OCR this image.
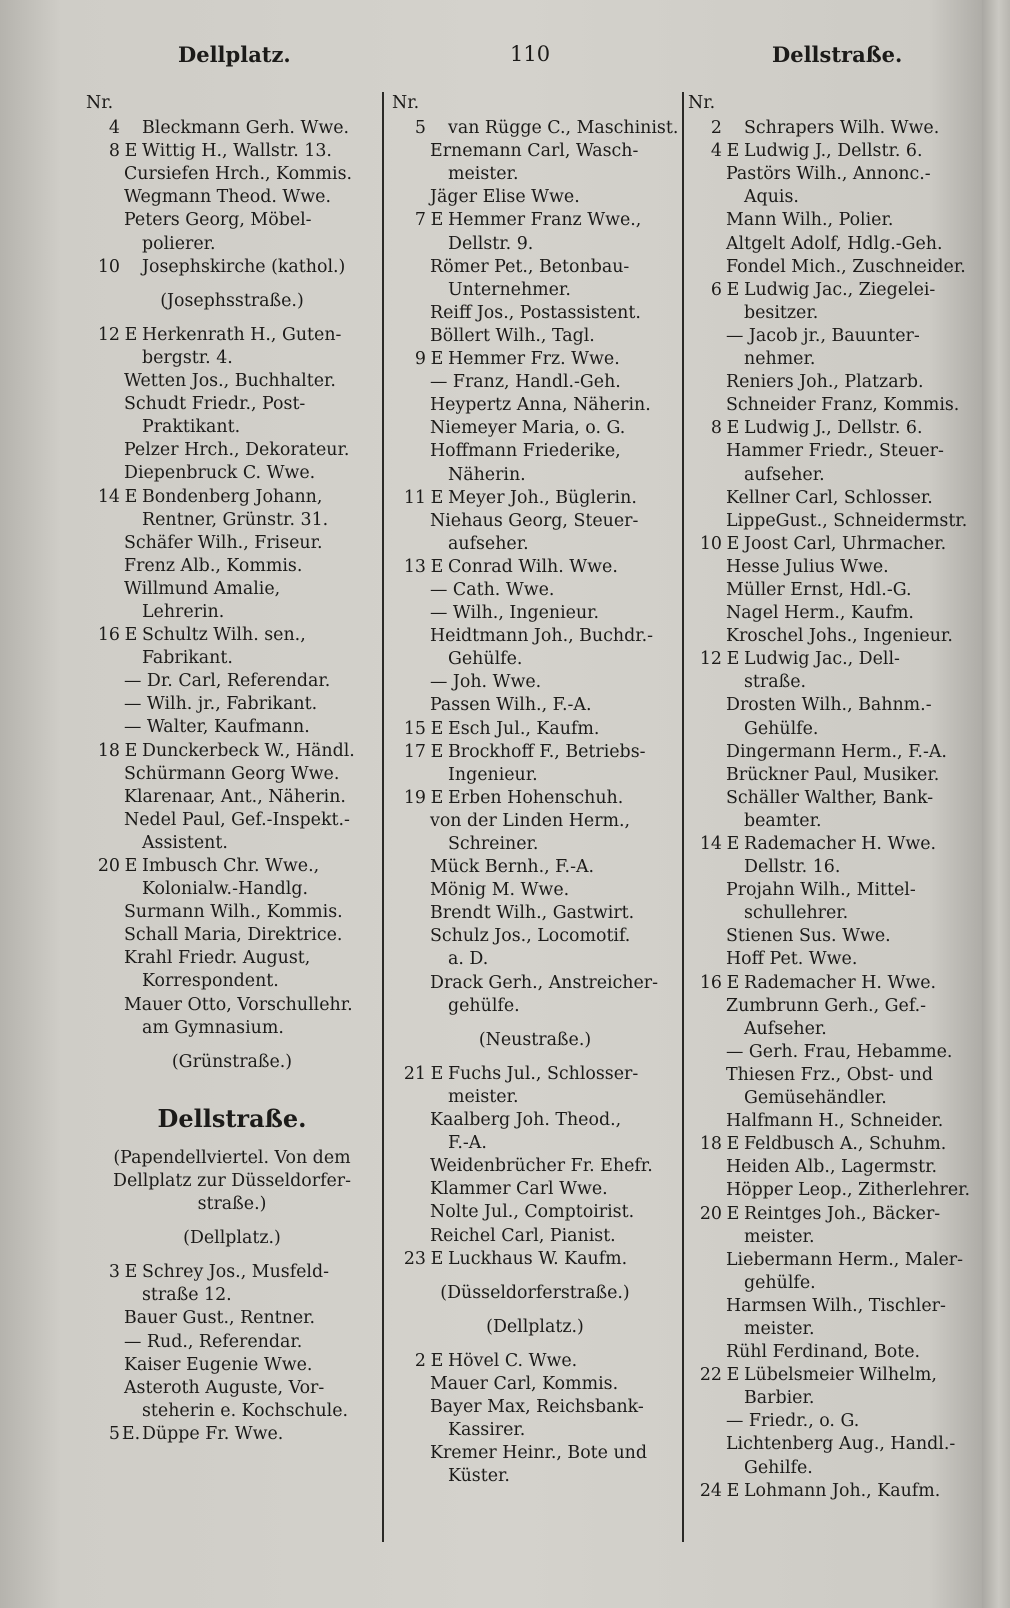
Dellplatz.	110	Dellstraße.
Nr.
4 Bleckmann Gerh. Wwe.
8 E Wittig H., Wallstr. 13.
Cursiefen Hrch., Kommis.
Wegmann Theod. Wwe.
Peters Georg, Möbel-
polierer.
10 Josephskirche (kathol.)
(Josephsstraße.)
12 E Herkenrath H., Guten-
bergstr. 4.
Wetten Jos., Buchhalter.
Schudt Friedr., Post-
Praktikant.
Pelzer Hrch., Dekorateur.
Diepenbruck C. Wwe.
14 E Bondenberg Johann,
Rentner, Grünstr. 31.
Schäfer Wilh., Friseur.
Frenz Alb., Kommis.
Willmund Amalie,
Lehrerin.
16 E Schultz Wilh. sen.,
Fabrikant.
— Dr. Carl, Referendar.
— Wilh. jr., Fabrikant.
— Walter, Kaufmann.
18 E Dunckerbeck W., Händl.
Schürmann Georg Wwe.
Klarenaar, Ant., Näherin.
Nedel Paul, Gef.-Inspekt.-
Assistent.
20 E Imbusch Chr. Wwe.,
Kolonialw.-Handlg.
Surmann Wilh., Kommis.
Schall Maria, Direktrice.
Krahl Friedr. August,
Korrespondent.
Mauer Otto, Vorschullehr.
am Gymnasium.
(Grünstraße.)
Dellstraße.
(Papendellviertel. Von dem
Dellplatz zur Düsseldorfer-
straße.)
(Dellplatz.)
3 E Schrey Jos., Musfeld-
straße 12.
Bauer Gust., Rentner.
— Rud., Referendar.
Kaiser Eugenie Wwe.
Asteroth Auguste, Vor-
steherin e. Kochschule.
5 E. Düppe Fr. Wwe.
Nr.
5 van Rügge C., Maschinist.
Ernemann Carl, Wasch-
meister.
Jäger Elise Wwe.
7 E Hemmer Franz Wwe.,
Dellstr. 9.
Römer Pet., Betonbau-
Unternehmer.
Reiff Jos., Postassistent.
Böllert Wilh., Tagl.
9 E Hemmer Frz. Wwe.
— Franz, Handl.-Geh.
Heypertz Anna, Näherin.
Niemeyer Maria, o. G.
Hoffmann Friederike,
Näherin.
11 E Meyer Joh., Büglerin.
Niehaus Georg, Steuer-
aufseher.
13 E Conrad Wilh. Wwe.
— Cath. Wwe.
— Wilh., Ingenieur.
Heidtmann Joh., Buchdr.-
Gehülfe.
— Joh. Wwe.
Passen Wilh., F.-A.
15 E Esch Jul., Kaufm.
17 E Brockhoff F., Betriebs-
Ingenieur.
19 E Erben Hohenschuh.
von der Linden Herm.,
Schreiner.
Mück Bernh., F.-A.
Mönig M. Wwe.
Brendt Wilh., Gastwirt.
Schulz Jos., Locomotif.
a. D.
Drack Gerh., Anstreicher-
gehülfe.
(Neustraße.)
21 E Fuchs Jul., Schlosser-
meister.
Kaalberg Joh. Theod.,
F.-A.
Weidenbrücher Fr. Ehefr.
Klammer Carl Wwe.
Nolte Jul., Comptoirist.
Reichel Carl, Pianist.
23 E Luckhaus W. Kaufm.
(Düsseldorferstraße.)
(Dellplatz.)
2 E Hövel C. Wwe.
Mauer Carl, Kommis.
Bayer Max, Reichsbank-
Kassirer.
Kremer Heinr., Bote und
Küster.
Nr.
2 Schrapers Wilh. Wwe.
4 E Ludwig J., Dellstr. 6.
Pastörs Wilh., Annonc.-
Aquis.
Mann Wilh., Polier.
Altgelt Adolf, Hdlg.-Geh.
Fondel Mich., Zuschneider.
6 E Ludwig Jac., Ziegelei-
besitzer.
— Jacob jr., Bauunter-
nehmer.
Reniers Joh., Platzarb.
Schneider Franz, Kommis.
8 E Ludwig J., Dellstr. 6.
Hammer Friedr., Steuer-
aufseher.
Kellner Carl, Schlosser.
LippeGust., Schneidermstr.
10 E Joost Carl, Uhrmacher.
Hesse Julius Wwe.
Müller Ernst, Hdl.-G.
Nagel Herm., Kaufm.
Kroschel Johs., Ingenieur.
12 E Ludwig Jac., Dell-
straße.
Drosten Wilh., Bahnm.-
Gehülfe.
Dingermann Herm., F.-A.
Brückner Paul, Musiker.
Schäller Walther, Bank-
beamter.
14 E Rademacher H. Wwe.
Dellstr. 16.
Projahn Wilh., Mittel-
schullehrer.
Stienen Sus. Wwe.
Hoff Pet. Wwe.
16 E Rademacher H. Wwe.
Zumbrunn Gerh., Gef.-
Aufseher.
— Gerh. Frau, Hebamme.
Thiesen Frz., Obst- und
Gemüsehändler.
Halfmann H., Schneider.
18 E Feldbusch A., Schuhm.
Heiden Alb., Lagermstr.
Höpper Leop., Zitherlehrer.
20 E Reintges Joh., Bäcker-
meister.
Liebermann Herm., Maler-
gehülfe.
Harmsen Wilh., Tischler-
meister.
Rühl Ferdinand, Bote.
22 E Lübelsmeier Wilhelm,
Barbier.
— Friedr., o. G.
Lichtenberg Aug., Handl.-
Gehilfe.
24 E Lohmann Joh., Kaufm.
